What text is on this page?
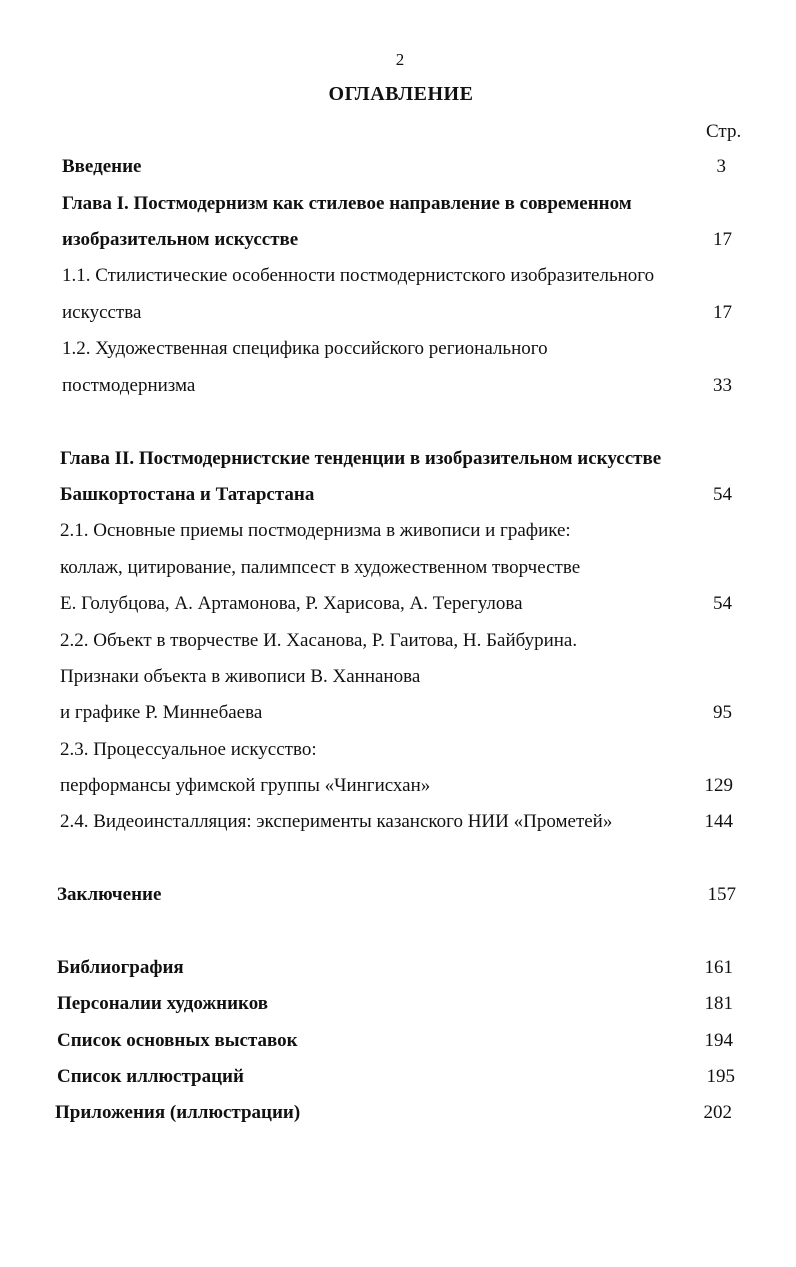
2
ОГЛАВЛЕНИЕ
Стр.
Введение	3
Глава I. Постмодернизм как стилевое направление в современном
изобразительном искусстве	17
1.1. Стилистические особенности постмодернистского изобразительного
искусства	17
1.2. Художественная специфика российского регионального
постмодернизма	33
Глава II. Постмодернистские тенденции в изобразительном искусстве
Башкортостана и Татарстана	54
2.1. Основные приемы постмодернизма в живописи и графике:
коллаж, цитирование, палимпсест в художественном творчестве
Е. Голубцова, А. Артамонова, Р. Харисова, А. Терегулова	54
2.2. Объект в творчестве И. Хасанова, Р. Гаитова, Н. Байбурина.
Признаки объекта в живописи В. Ханнанова
и графике Р. Миннебаева	95
2.3. Процессуальное искусство:
перформансы уфимской группы «Чингисхан»	129
2.4. Видеоинсталляция: эксперименты казанского НИИ «Прометей»	144
Заключение	157
Библиография	161
Персоналии художников	181
Список основных выставок	194
Список иллюстраций	195
Приложения (иллюстрации)	202
